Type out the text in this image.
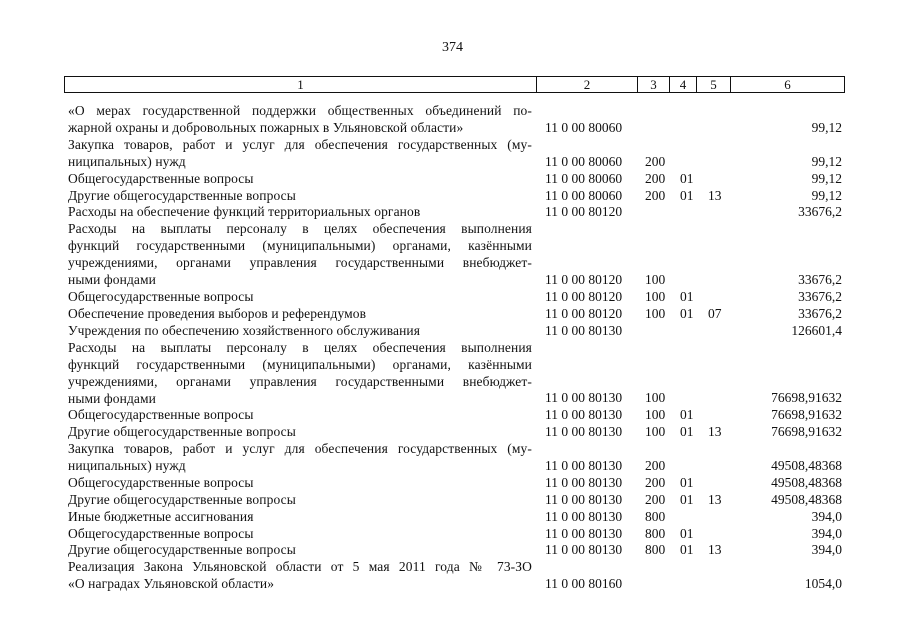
374
1	2	3	4	5	6
«О мерах государственной поддержки общественных объединений по-
жарной охраны и добровольных пожарных в Ульяновской области»	11 0 00 80060	99,12
Закупка товаров, работ и услуг для обеспечения государственных (му-
ниципальных) нужд	11 0 00 80060 200	99,12
Общегосударственные вопросы	11 0 00 80060 200 01	99,12
Другие общегосударственные вопросы	11 0 00 80060 200 01 13	99,12
Расходы на обеспечение функций территориальных органов	11 0 00 80120	33676,2
Расходы на выплаты персоналу в целях обеспечения выполнения
функций государственными (муниципальными) органами, казёнными
учреждениями, органами управления государственными внебюджет-
ными фондами	11 0 00 80120 100	33676,2
Общегосударственные вопросы	11 0 00 80120 100 01	33676,2
Обеспечение проведения выборов и референдумов	11 0 00 80120 100 01 07	33676,2
Учреждения по обеспечению хозяйственного обслуживания	11 0 00 80130	126601,4
Расходы на выплаты персоналу в целях обеспечения выполнения
функций государственными (муниципальными) органами, казёнными
учреждениями, органами управления государственными внебюджет-
ными фондами	11 0 00 80130 100	76698,91632
Общегосударственные вопросы	11 0 00 80130 100 01	76698,91632
Другие общегосударственные вопросы	11 0 00 80130 100 01 13	76698,91632
Закупка товаров, работ и услуг для обеспечения государственных (му-
ниципальных) нужд	11 0 00 80130 200	49508,48368
Общегосударственные вопросы	11 0 00 80130 200 01	49508,48368
Другие общегосударственные вопросы	11 0 00 80130 200 01 13	49508,48368
Иные бюджетные ассигнования	11 0 00 80130 800	394,0
Общегосударственные вопросы	11 0 00 80130 800 01	394,0
Другие общегосударственные вопросы	11 0 00 80130 800 01 13	394,0
Реализация Закона Ульяновской области от 5 мая 2011 года № 73-ЗО
«О наградах Ульяновской области»	11 0 00 80160	1054,0
